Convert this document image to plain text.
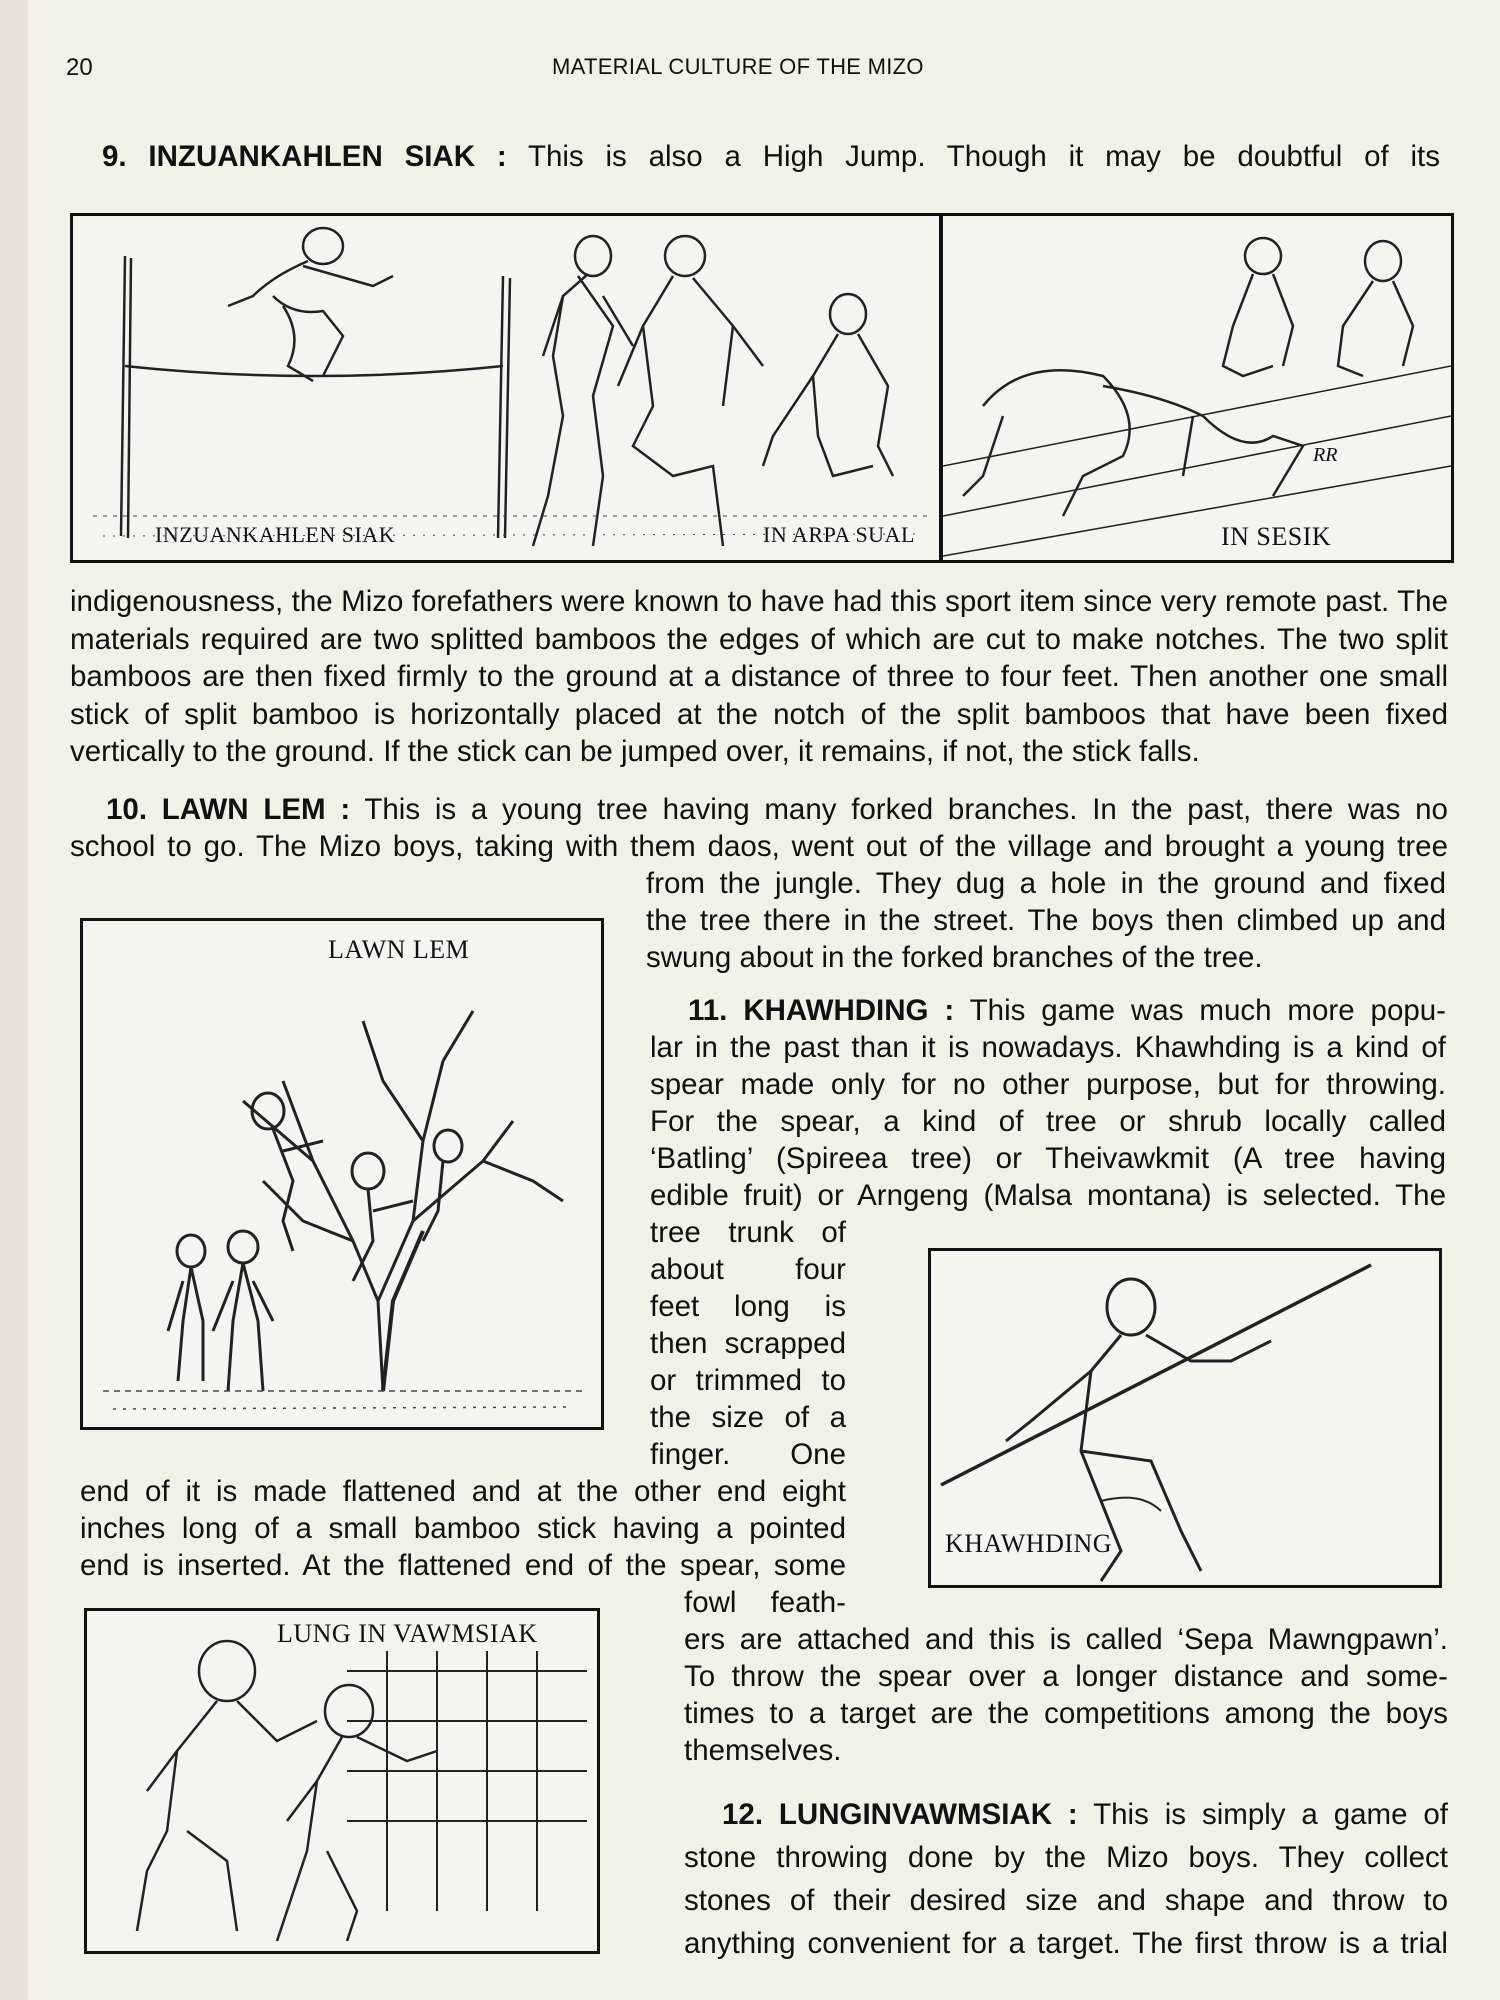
20	MATERIAL CULTURE OF THE MIZO

9. INZUANKAHLEN SIAK : This is also a High Jump. Though it may be doubtful of its

INZUANKAHLEN SIAK	IN ARPA SUAL
RR
IN SESIK

indigenousness, the Mizo forefathers were known to have had this sport item since very remote past. The materials required are two splitted bamboos the edges of which are cut to make notches. The two split bamboos are then fixed firmly to the ground at a distance of three to four feet. Then another one small stick of split bamboo is horizontally placed at the notch of the split bamboos that have been fixed vertically to the ground. If the stick can be jumped over, it remains, if not, the stick falls.

10. LAWN LEM : This is a young tree having many forked branches. In the past, there was no

school to go. The Mizo boys, taking with them daos, went out of the village and brought a young tree

from the jungle. They dug a hole in the ground and fixed

the tree there in the street. The boys then climbed up and

swung about in the forked branches of the tree.

LAWN LEM

11. KHAWHDING : This game was much more popu-

lar in the past than it is nowadays. Khawhding is a kind of

spear made only for no other purpose, but for throwing.

For the spear, a kind of tree or shrub locally called

‘Batling’ (Spireea tree) or Theivawkmit (A tree having

edible fruit) or Arngeng (Malsa montana) is selected. The

tree trunk of

about four

feet long is

then scrapped

or trimmed to

the size of a

finger. One

end of it is made flattened and at the other end eight

inches long of a small bamboo stick having a pointed

end is inserted. At the flattened end of the spear, some

fowl feath-

ers are attached and this is called ‘Sepa Mawngpawn’.

To throw the spear over a longer distance and some-

times to a target are the competitions among the boys

themselves.

KHAWHDING
LUNG IN VAWMSIAK

12. LUNGINVAWMSIAK : This is simply a game of

stone throwing done by the Mizo boys. They collect

stones of their desired size and shape and throw to

anything convenient for a target. The first throw is a trial
